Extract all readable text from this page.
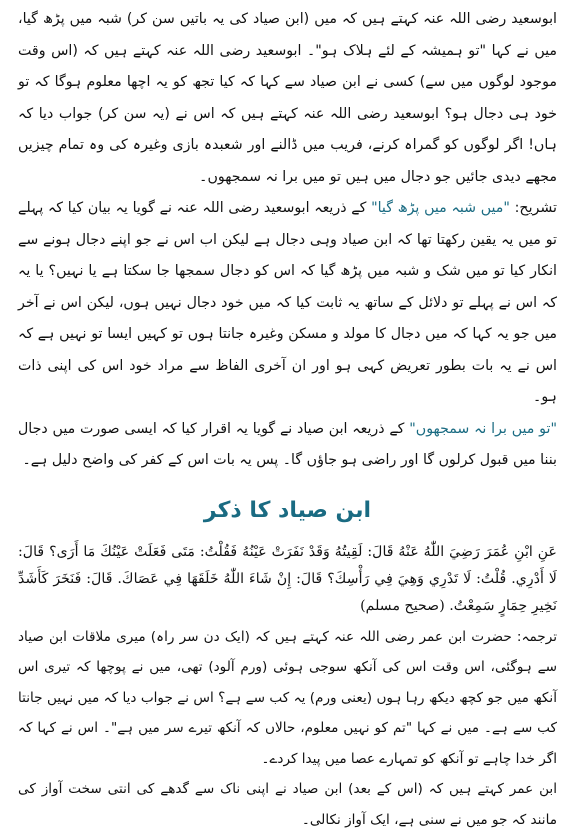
ابوسعید رضی اللہ عنہ کہتے ہیں کہ میں (ابن صیاد کی یہ باتیں سن کر) شبہ میں پڑھ گیا، میں نے کہا "تو ہمیشہ کے لئے ہلاک ہو"۔ ابوسعید رضی اللہ عنہ کہتے ہیں کہ (اس وقت موجود لوگوں میں سے) کسی نے ابن صیاد سے کہا کہ کیا تجھ کو یہ اچھا معلوم ہوگا کہ تو خود ہی دجال ہو؟ ابوسعید رضی اللہ عنہ کہتے ہیں کہ اس نے (یہ سن کر) جواب دیا کہ ہاں! اگر لوگوں کو گمراہ کرنے، فریب میں ڈالنے اور شعبدہ بازی وغیرہ کی وہ تمام چیزیں مجھے دیدی جائیں جو دجال میں ہیں تو میں برا نہ سمجھوں۔

تشریح: "میں شبہ میں پڑھ گیا" کے ذریعہ ابوسعید رضی اللہ عنہ نے گویا یہ بیان کیا کہ پہلے تو میں یہ یقین رکھتا تھا کہ ابن صیاد وہی دجال ہے لیکن اب اس نے جو اپنے دجال ہونے سے انکار کیا تو میں شک و شبہ میں پڑھ گیا کہ اس کو دجال سمجھا جا سکتا ہے یا نہیں؟ یا یہ کہ اس نے پہلے تو دلائل کے ساتھ یہ ثابت کیا کہ میں خود دجال نہیں ہوں، لیکن اس نے آخر میں جو یہ کہا کہ میں دجال کا مولد و مسکن وغیرہ جانتا ہوں تو کہیں ایسا تو نہیں ہے کہ اس نے یہ بات بطور تعریض کہی ہو اور ان آخری الفاظ سے مراد خود اس کی اپنی ذات ہو۔

"تو میں برا نہ سمجھوں" کے ذریعہ ابن صیاد نے گویا یہ اقرار کیا کہ ایسی صورت میں دجال بننا میں قبول کرلوں گا اور راضی ہو جاؤں گا۔ پس یہ بات اس کے کفر کی واضح دلیل ہے۔

ابن صیاد کا ذکر

عَنِ ابْنِ عُمَرَ رَضِيَ اللّٰهُ عَنْهُ قَالَ: لَقِيتُهُ وَقَدْ نَفَرَتْ عَيْنُهُ فَقُلْتُ: مَتَى فَعَلَتْ عَيْنُكَ مَا أَرَى؟ قَالَ: لَا أَدْرِي. قُلْتُ: لَا تَدْرِي وَهِيَ فِي رَأْسِكَ؟ قَالَ: إِنْ شَاءَ اللّٰهُ خَلَقَهَا فِي عَصَاكَ. قَالَ: فَنَخَرَ كَأَشَدِّ نَخِيرِ حِمَارٍ سَمِعْتُ. (صحیح مسلم)

ترجمہ: حضرت ابن عمر رضی اللہ عنہ کہتے ہیں کہ (ایک دن سر راہ) میری ملاقات ابن صیاد سے ہوگئی، اس وقت اس کی آنکھ سوجی ہوئی (ورم آلود) تھی، میں نے پوچھا کہ تیری اس آنکھ میں جو کچھ دیکھ رہا ہوں (یعنی ورم) یہ کب سے ہے؟ اس نے جواب دیا کہ میں نہیں جانتا کب سے ہے۔ میں نے کہا "تم کو نہیں معلوم، حالاں کہ آنکھ تیرے سر میں ہے"۔ اس نے کہا کہ اگر خدا چاہے تو آنکھ کو تمہارے عصا میں پیدا کردے۔

ابن عمر کہتے ہیں کہ (اس کے بعد) ابن صیاد نے اپنی ناک سے گدھے کی انتی سخت آواز کی مانند کہ جو میں نے سنی ہے، ایک آواز نکالی۔
